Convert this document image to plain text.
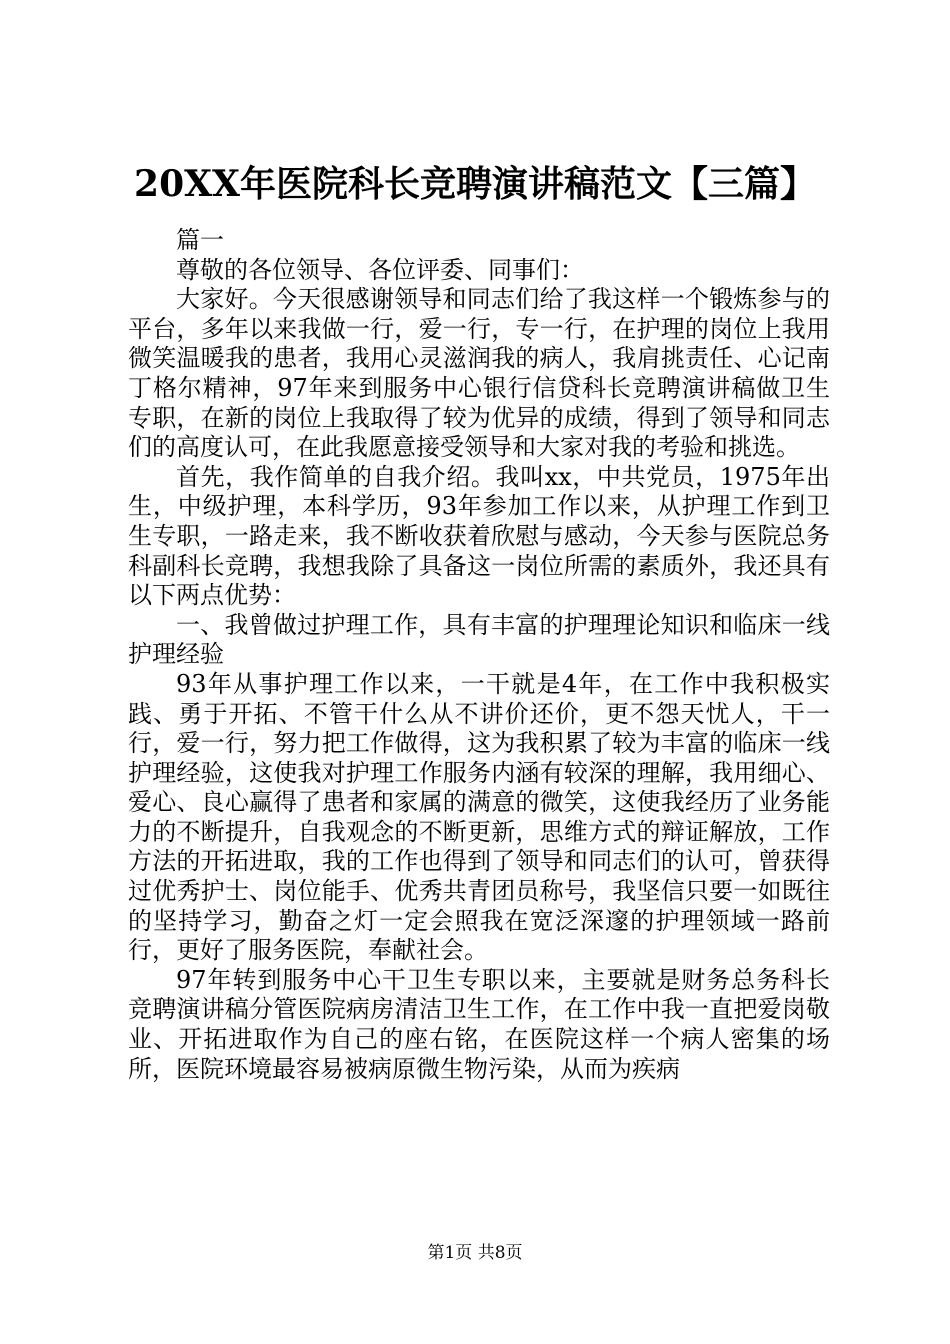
20XX年医院科长竞聘演讲稿范文【三篇】

篇一

尊敬的各位领导、各位评委、同事们：

大家好。今天很感谢领导和同志们给了我这样一个锻炼参与的平台，多年以来我做一行，爱一行，专一行，在护理的岗位上我用微笑温暖我的患者，我用心灵滋润我的病人，我肩挑责任、心记南丁格尔精神，97年来到服务中心银行信贷科长竞聘演讲稿做卫生专职，在新的岗位上我取得了较为优异的成绩，得到了领导和同志们的高度认可，在此我愿意接受领导和大家对我的考验和挑选。

首先，我作简单的自我介绍。我叫xx，中共党员，1975年出生，中级护理，本科学历，93年参加工作以来，从护理工作到卫生专职，一路走来，我不断收获着欣慰与感动，今天参与医院总务科副科长竞聘，我想我除了具备这一岗位所需的素质外，我还具有以下两点优势：

一、我曾做过护理工作，具有丰富的护理理论知识和临床一线护理经验

93年从事护理工作以来，一干就是4年，在工作中我积极实践、勇于开拓、不管干什么从不讲价还价，更不怨天忧人，干一行，爱一行，努力把工作做得，这为我积累了较为丰富的临床一线护理经验，这使我对护理工作服务内涵有较深的理解，我用细心、爱心、良心赢得了患者和家属的满意的微笑，这使我经历了业务能力的不断提升，自我观念的不断更新，思维方式的辩证解放，工作方法的开拓进取，我的工作也得到了领导和同志们的认可，曾获得过优秀护士、岗位能手、优秀共青团员称号，我坚信只要一如既往的坚持学习，勤奋之灯一定会照我在宽泛深邃的护理领域一路前行，更好了服务医院，奉献社会。

97年转到服务中心干卫生专职以来，主要就是财务总务科长竞聘演讲稿分管医院病房清洁卫生工作，在工作中我一直把爱岗敬业、开拓进取作为自己的座右铭，在医院这样一个病人密集的场所，医院环境最容易被病原微生物污染，从而为疾病

第1页 共8页
